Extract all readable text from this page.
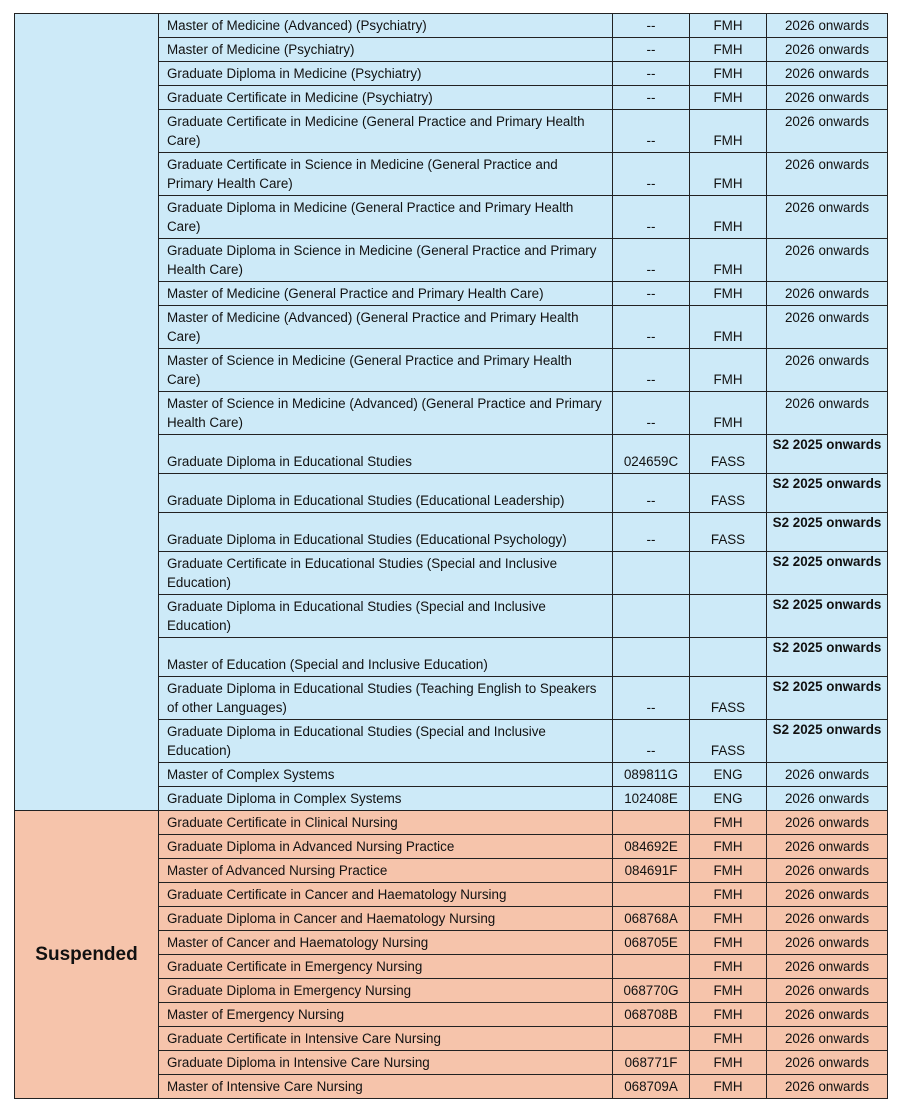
	Master of Medicine (Advanced) (Psychiatry)	--	FMH	2026 onwards
	Master of Medicine (Psychiatry)	--	FMH	2026 onwards
	Graduate Diploma in Medicine (Psychiatry)	--	FMH	2026 onwards
	Graduate Certificate in Medicine (Psychiatry)	--	FMH	2026 onwards
	Graduate Certificate in Medicine (General Practice and Primary Health Care)	--	FMH	2026 onwards
	Graduate Certificate in Science in Medicine (General Practice and Primary Health Care)	--	FMH	2026 onwards
	Graduate Diploma in Medicine (General Practice and Primary Health Care)	--	FMH	2026 onwards
	Graduate Diploma in Science in Medicine (General Practice and Primary Health Care)	--	FMH	2026 onwards
	Master of Medicine (General Practice and Primary Health Care)	--	FMH	2026 onwards
	Master of Medicine (Advanced) (General Practice and Primary Health Care)	--	FMH	2026 onwards
	Master of Science in Medicine (General Practice and Primary Health Care)	--	FMH	2026 onwards
	Master of Science in Medicine (Advanced) (General Practice and Primary Health Care)	--	FMH	2026 onwards
	Graduate Diploma in Educational Studies	024659C	FASS	S2 2025 onwards
	Graduate Diploma in Educational Studies (Educational Leadership)	--	FASS	S2 2025 onwards
	Graduate Diploma in Educational Studies (Educational Psychology)	--	FASS	S2 2025 onwards
	Graduate Certificate in Educational Studies (Special and Inclusive Education)			S2 2025 onwards
	Graduate Diploma in Educational Studies (Special and Inclusive Education)			S2 2025 onwards
	Master of Education (Special and Inclusive Education)			S2 2025 onwards
	Graduate Diploma in Educational Studies (Teaching English to Speakers of other Languages)	--	FASS	S2 2025 onwards
	Graduate Diploma in Educational Studies (Special and Inclusive Education)	--	FASS	S2 2025 onwards
	Master of Complex Systems	089811G	ENG	2026 onwards
	Graduate Diploma in Complex Systems	102408E	ENG	2026 onwards
Suspended	Graduate Certificate in Clinical Nursing		FMH	2026 onwards
	Graduate Diploma in Advanced Nursing Practice	084692E	FMH	2026 onwards
	Master of Advanced Nursing Practice	084691F	FMH	2026 onwards
	Graduate Certificate in Cancer and Haematology Nursing		FMH	2026 onwards
	Graduate Diploma in Cancer and Haematology Nursing	068768A	FMH	2026 onwards
	Master of Cancer and Haematology Nursing	068705E	FMH	2026 onwards
	Graduate Certificate in Emergency Nursing		FMH	2026 onwards
	Graduate Diploma in Emergency Nursing	068770G	FMH	2026 onwards
	Master of Emergency Nursing	068708B	FMH	2026 onwards
	Graduate Certificate in Intensive Care Nursing		FMH	2026 onwards
	Graduate Diploma in Intensive Care Nursing	068771F	FMH	2026 onwards
	Master of Intensive Care Nursing	068709A	FMH	2026 onwards
